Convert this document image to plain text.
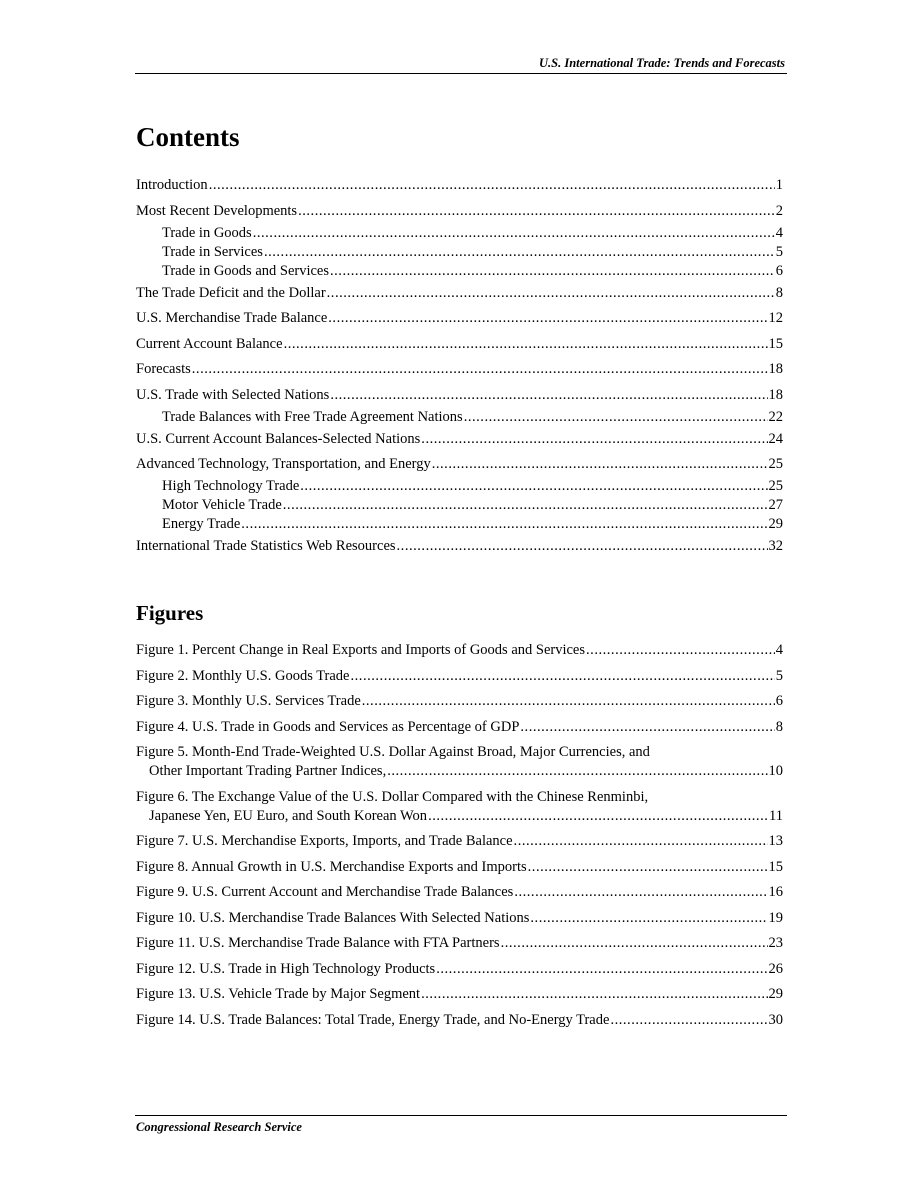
U.S. International Trade: Trends and Forecasts
Contents
Introduction . . .	1
Most Recent Developments . . .	2
Trade in Goods . . .	4
Trade in Services . . .	5
Trade in Goods and Services . . .	6
The Trade Deficit and the Dollar . . .	8
U.S. Merchandise Trade Balance . . .	12
Current Account Balance . . .	15
Forecasts . . .	18
U.S. Trade with Selected Nations . . .	18
Trade Balances with Free Trade Agreement Nations . . .	22
U.S. Current Account Balances-Selected Nations . . .	24
Advanced Technology, Transportation, and Energy . . .	25
High Technology Trade . . .	25
Motor Vehicle Trade . . .	27
Energy Trade . . .	29
International Trade Statistics Web Resources . . .	32
Figures
Figure 1. Percent Change in Real Exports and Imports of Goods and Services . . .	4
Figure 2. Monthly U.S. Goods Trade . . .	5
Figure 3. Monthly U.S. Services Trade . . .	6
Figure 4. U.S. Trade in Goods and Services as Percentage of GDP . . .	8
Figure 5. Month-End Trade-Weighted U.S. Dollar Against Broad, Major Currencies, and
Other Important Trading Partner Indices, . . .	10
Figure 6. The Exchange Value of the U.S. Dollar Compared with the Chinese Renminbi,
Japanese Yen, EU Euro, and South Korean Won . . .	11
Figure 7. U.S. Merchandise Exports, Imports, and Trade Balance . . .	13
Figure 8. Annual Growth in U.S. Merchandise Exports and Imports . . .	15
Figure 9. U.S. Current Account and Merchandise Trade Balances . . .	16
Figure 10. U.S. Merchandise Trade Balances With Selected Nations . . .	19
Figure 11. U.S. Merchandise Trade Balance with FTA Partners . . .	23
Figure 12. U.S. Trade in High Technology Products . . .	26
Figure 13. U.S. Vehicle Trade by Major Segment . . .	29
Figure 14. U.S. Trade Balances: Total Trade, Energy Trade, and No-Energy Trade . . .	30
Congressional Research Service
